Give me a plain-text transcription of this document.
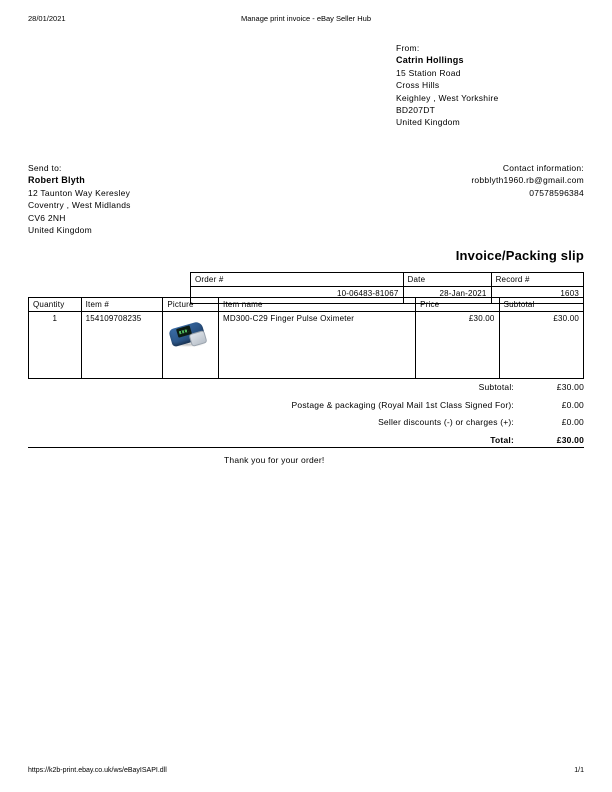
28/01/2021	Manage print invoice - eBay Seller Hub
From:
Catrin Hollings
15 Station Road
Cross Hills
Keighley , West Yorkshire
BD207DT
United Kingdom
Send to:
Robert Blyth
12 Taunton Way Keresley
Coventry , West Midlands
CV6 2NH
United Kingdom
Contact information:
robblyth1960.rb@gmail.com
07578596384
Invoice/Packing slip
Order #	Date	Record #
10-06483-81067	28-Jan-2021	1603
Quantity	Item #	Picture	Item name	Price	Subtotal
1	154109708235		MD300-C29 Finger Pulse Oximeter	£30.00	£30.00
Subtotal:	£30.00
Postage & packaging (Royal Mail 1st Class Signed For):	£0.00
Seller discounts (-) or charges (+):	£0.00
Total:	£30.00
Thank you for your order!
https://k2b-print.ebay.co.uk/ws/eBayISAPI.dll	1/1
